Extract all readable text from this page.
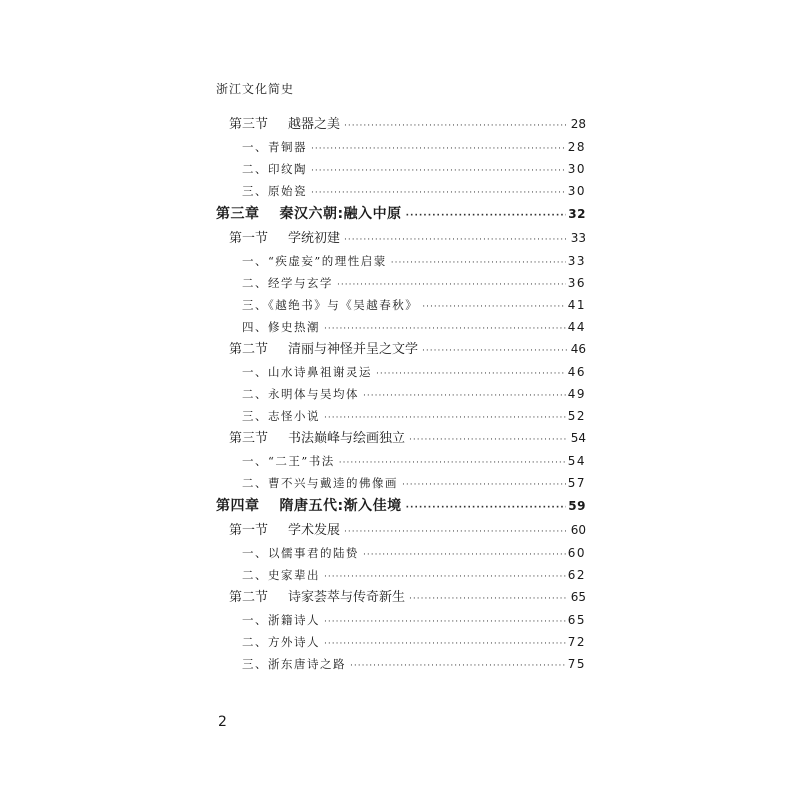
浙江文化简史
第三节 越器之美 ·····	28
一、青铜器 ·····	28
二、印纹陶 ·····	30
三、原始瓷 ·····	30
第三章 秦汉六朝:融入中原 ·····	32
第一节 学统初建 ·····	33
一、“疾虚妄”的理性启蒙 ·····	33
二、经学与玄学 ·····	36
三、《越绝书》与《吴越春秋》 ·····	41
四、修史热潮 ·····	44
第二节 清丽与神怪并呈之文学 ·····	46
一、山水诗鼻祖谢灵运 ·····	46
二、永明体与吴均体 ·····	49
三、志怪小说 ·····	52
第三节 书法巅峰与绘画独立 ·····	54
一、“二王”书法 ·····	54
二、曹不兴与戴逵的佛像画 ·····	57
第四章 隋唐五代:渐入佳境 ·····	59
第一节 学术发展 ·····	60
一、以儒事君的陆贽 ·····	60
二、史家辈出 ·····	62
第二节 诗家荟萃与传奇新生 ·····	65
一、浙籍诗人 ·····	65
二、方外诗人 ·····	72
三、浙东唐诗之路 ·····	75
2
